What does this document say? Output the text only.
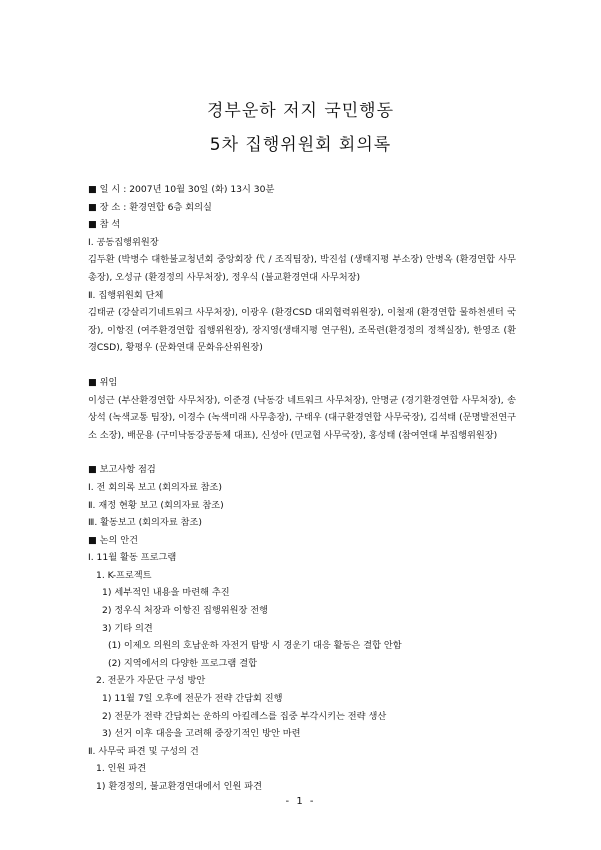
경부운하 저지 국민행동
5차 집행위원회 회의록
■ 일 시 : 2007년 10월 30일 (화) 13시 30분
■ 장 소 : 환경연합 6층 회의실
■ 참 석
Ⅰ. 공동집행위원장
김두환 (박병수 대한불교청년회 중앙회장 代 / 조직팀장), 박진섭 (생태지평 부소장) 안병옥 (환경연합 사무총장), 오성규 (환경정의 사무처장), 정우식 (불교환경연대 사무처장)
Ⅱ. 집행위원회 단체
김태균 (강살리기네트워크 사무처장), 이광우 (환경CSD 대외협력위원장), 이철재 (환경연합 물하천센터 국장), 이항진 (여주환경연합 집행위원장), 장지영(생태지평 연구원), 조목련(환경정의 정책실장), 한영조 (환경CSD), 황평우 (문화연대 문화유산위원장)
■ 위임
이성근 (부산환경연합 사무처장), 이준경 (낙동강 네트워크 사무처장), 안명균 (경기환경연합 사무처장), 송상석 (녹색교통 팀장), 이경수 (녹색미래 사무총장), 구태우 (대구환경연합 사무국장), 김석태 (문명발전연구소 소장), 배문용 (구미낙동강공동체 대표), 신성아 (민교협 사무국장), 홍성태 (참여연대 부집행위원장)
■ 보고사항 점검
Ⅰ. 전 회의록 보고 (회의자료 참조)
Ⅱ. 재정 현황 보고 (회의자료 참조)
Ⅲ. 활동보고 (회의자료 참조)
■ 논의 안건
Ⅰ. 11월 활동 프로그램
1. K-프로젝트
1) 세부적인 내용을 마련해 추진
2) 정우식 처장과 이항진 집행위원장 전행
3) 기타 의견
(1) 이제오 의원의 호남운하 자전거 탐방 시 경운기 대응 활동은 결합 안함
(2) 지역에서의 다양한 프로그램 결합
2. 전문가 자문단 구성 방안
1) 11월 7일 오후에 전문가 전략 간담회 진행
2) 전문가 전략 간담회는 운하의 아킬레스를 집중 부각시키는 전략 생산
3) 선거 이후 대응을 고려해 중장기적인 방안 마련
Ⅱ. 사무국 파견 및 구성의 건
1. 인원 파견
1) 환경정의, 불교환경연대에서 인원 파견
- 1 -
